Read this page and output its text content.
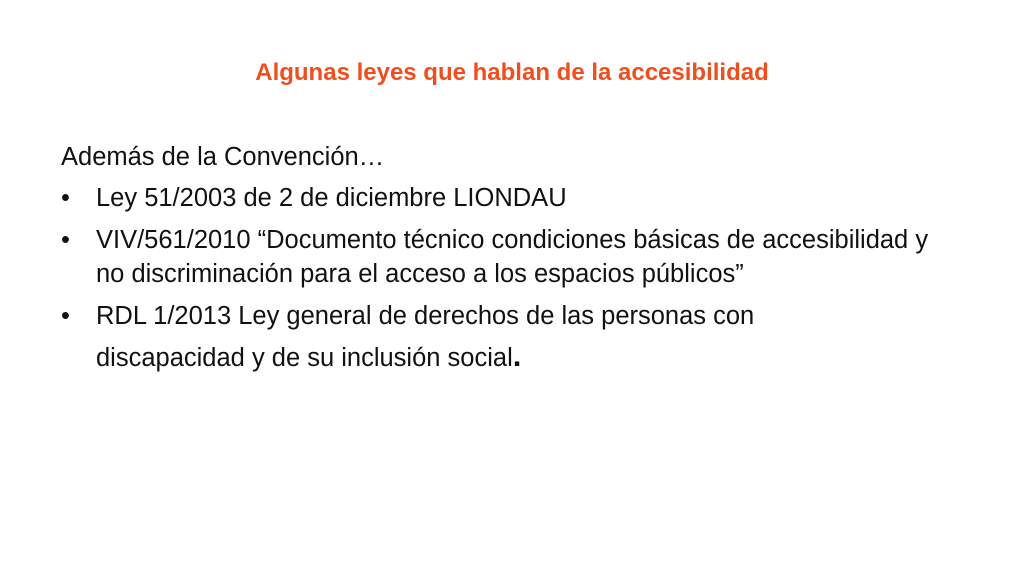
Algunas leyes que hablan de la accesibilidad
Además de la Convención…
• Ley 51/2003 de 2 de diciembre LIONDAU
• VIV/561/2010 “Documento técnico condiciones básicas de accesibilidad y no discriminación para el acceso a los espacios públicos”
• RDL 1/2013 Ley general de derechos de las personas con
discapacidad y de su inclusión social.
